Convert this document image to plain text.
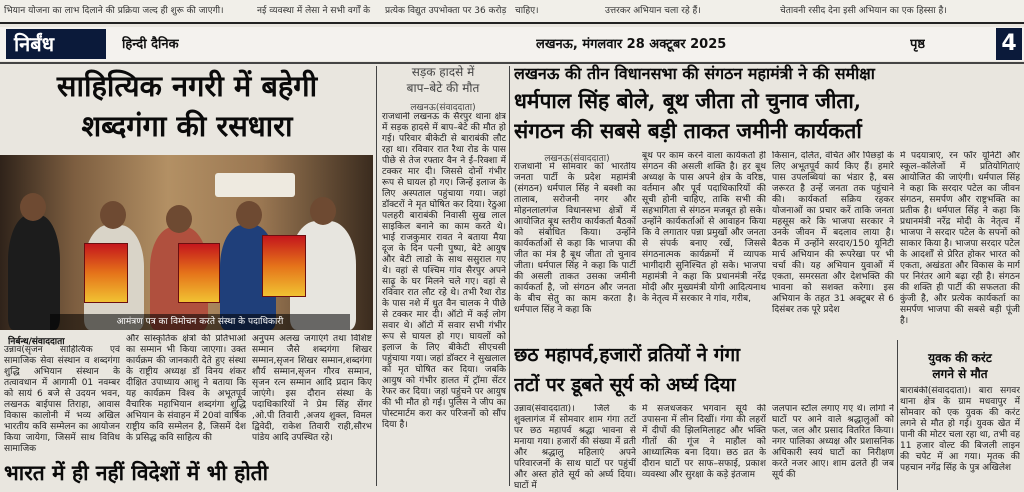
भियान योजना का लाभ दिलाने की प्रक्रिया जल्द ही शुरू की जाएगी।	नई व्यवस्था में लेसा ने सभी वर्गों के प्रत्येक विद्युत उपभोक्ता पर 36 करोड़ चाहिए।	उत्तरकर अभियान चला रहे हैं।	चेतावनी रसीद देना इसी अभियान का एक हिस्सा है।
निर्बंध	हिन्दी दैनिक	लखनऊ, मंगलवार 28 अक्टूबर 2025	पृष्ठ	4
साहित्यिक नगरी में बहेगी
शब्दगंगा की रसधारा
आमंत्रण पत्र का विमोचन करते संस्था के पदाधिकारी
निर्बन्ध/संवाददाता
उन्नाव(सृजन साहित्यिक एवं सामाजिक सेवा संस्थान व शब्दगंगा शुद्धि अभियान संस्थान के तत्वावधान में आगामी 01 नवम्बर को सायं 6 बजे से उदयन भवन, लखनऊ बाईपास तिराहा, आवास विकास कालोनी में भव्य अखिल भारतीय कवि सम्मेलन का आयोजन किया जायेगा, जिसमें साथ विविध सामाजिक
और सांस्कृतिक क्षेत्रों की प्रतिभाओं का सम्मान भी किया जाएगा। उक्त कार्यक्रम की जानकारी देते हुए संस्था के राष्ट्रीय अध्यक्ष डॉ विनय शंकर दीक्षित उपाध्याय आशु ने बताया कि यह कार्यक्रम विश्व के अभूतपूर्व वैचारिक महाभियान शब्दगंगा शुद्धि अभियान के संवाहन में 20वां वार्षिक राष्ट्रीय कवि सम्मेलन है, जिसमें देश के प्रसिद्ध कवि साहित्य की
अनुपम अलख जगाएंगे तथा विशिष्ट सम्मान जैसे शब्दगंगा शिखर सम्मान,सृजन शिखर सम्मान,शब्दगंगा शौर्य सम्मान,सृजन गौरव सम्मान, सृजन रत्न सम्मान आदि प्रदान किए जाएंगे। इस दौरान संस्था के पदाधिकारियों ने प्रेम सिंह सेंगर ,ओ.पी तिवारी ,अजय शुक्ल, विमल द्विवेदी, राकेश तिवारी राही,सौरभ पांडेय आदि उपस्थित रहे।
भारत में ही नहीं विदेशों में भी होती
सड़क हादसे में
बाप–बेटे की मौत
लखनऊ(संवाददाता)
राजधानी लखनऊ के सैरपुर थाना क्षेत्र में सड़क हादसे में बाप–बेटे की मौत हो गई। परिवार बीकेटी से बाराबंकी लौट रहा था। रविवार रात रैथा रोड के पास पीछे से तेज रफ्तार वैन ने ई–रिक्शा में टक्कर मार दी। जिससे दोनों गंभीर रूप से घायल हो गए। जिन्हें इलाज के लिए अस्पताल पहुंचाया गया। जहां डॉक्टरों ने मृत घोषित कर दिया। रेठुआ पलहरी बाराबंकी निवासी सुख लाल साइकिल बनाने का काम करते थे। भाई राजकुमार रावत ने बताया मैया दूज के दिन पत्नी पुष्पा, बेटे आयुष और बेटी लाडो के साथ ससुराल गए थे। वहां से पश्चिम गांव सैरपुर अपने साढ़ू के घर मिलने चले गए। वहां से रविवार रात लौट रहे थे। तभी रैथा रोड के पास नशे में धुत वैन चालक ने पीछे से टक्कर मार दी। ऑटो में कई लोग सवार थे। ऑटो में सवार सभी गंभीर रूप से घायल हो गए। घायलों को इलाज के लिए बीकेटी सीएचसी पहुंचाया गया। जहां डॉक्टर ने सुखलाल को मृत घोषित कर दिया। जबकि आयुष को गंभीर हालत में ट्रॉमा सेंटर रेफर कर दिया। जहां पहुंचने पर आयुष की भी मौत हो गई। पुलिस ने जीप का पोस्टमार्टम करा कर परिजनों को सौंप दिया है।
लखनऊ की तीन विधानसभा की संगठन महामंत्री ने की समीक्षा
धर्मपाल सिंह बोले, बूथ जीता तो चुनाव जीता,
संगठन की सबसे बड़ी ताकत जमीनी कार्यकर्ता
लखनऊ(संवाददाता)
राजधानी में सोमवार को भारतीय जनता पार्टी के प्रदेश महामंत्री (संगठन) धर्मपाल सिंह ने बक्शी का तालाब, सरोजनी नगर और मोहनलालगंज विधानसभा क्षेत्रों में आयोजित बूथ स्तरीय कार्यकर्ता बैठकों को संबोधित किया। उन्होंने कार्यकर्ताओं से कहा कि भाजपा की जीत का मंत्र है बूथ जीता तो चुनाव जीता। धर्मपाल सिंह ने कहा कि पार्टी की असली ताकत उसका जमीनी कार्यकर्ता है, जो संगठन और जनता के बीच सेतु का काम करता है। धर्मपाल सिंह ने कहा कि
बूथ पर काम करने वाला कार्यकर्ता ही संगठन की असली शक्ति है। हर बूथ अध्यक्ष के पास अपने क्षेत्र के वरिष्ठ, वर्तमान और पूर्व पदाधिकारियों की सूची होनी चाहिए, ताकि सभी की सहभागिता से संगठन मजबूत हो सके। उन्होंने कार्यकर्ताओं से आवाहन किया कि वे लगातार पन्ना प्रमुखों और जनता से संपर्क बनाए रखें, जिससे संगठनात्मक कार्यक्रमों में व्यापक भागीदारी सुनिश्चित हो सके। भाजपा महामंत्री ने कहा कि प्रधानमंत्री नरेंद्र मोदी और मुख्यमंत्री योगी आदित्यनाथ के नेतृत्व में सरकार ने गांव, गरीब,
किसान, दलित, वंचित और पिछड़ों के लिए अभूतपूर्व कार्य किए हैं। हमारे पास उपलब्धियां का भंडार है, बस जरूरत है उन्हें जनता तक पहुंचाने की। कार्यकर्ता सक्रिय रहकर योजनाओं का प्रचार करें ताकि जनता महसूस करे कि भाजपा सरकार ने उनके जीवन में बदलाव लाया है। बैठक में उन्होंने सरदार/150 यूनिटी मार्च अभियान की रूपरेखा पर भी चर्चा की। यह अभियान युवाओं में एकता, समरसता और देशभक्ति की भावना को सशक्त करेगा। इस अभियान के तहत 31 अक्टूबर से 6 दिसंबर तक पूरे प्रदेश
में पदयात्राएं, रन फॉर यूनिटी और स्कूल–कॉलेजों में प्रतियोगिताएं आयोजित की जाएंगी। धर्मपाल सिंह ने कहा कि सरदार पटेल का जीवन संगठन, समर्पण और राष्ट्रभक्ति का प्रतीक है। धर्मपाल सिंह ने कहा कि प्रधानमंत्री नरेंद्र मोदी के नेतृत्व में भाजपा ने सरदार पटेल के सपनों को साकार किया है। भाजपा सरदार पटेल के आदर्शों से प्रेरित होकर भारत को एकता, अखंडता और विकास के मार्ग पर निरंतर आगे बढ़ा रही है। संगठन की शक्ति ही पार्टी की सफलता की कुंजी है, और प्रत्येक कार्यकर्ता का समर्पण भाजपा की सबसे बड़ी पूंजी है।
छठ महापर्व,हजारों व्रतियों ने गंगा
तटों पर डूबते सूर्य को अर्घ्य दिया
उन्नाव(संवाददाता)। जिले के शुक्लागंज में सोमवार शाम गंगा तटों पर छठ महापर्व श्रद्धा भावना से मनाया गया। हजारों की संख्या में व्रती और श्रद्धालु महिलाएं अपने परिवारजनों के साथ घाटों पर पहुंचीं और अस्त होते सूर्य को अर्घ्य दिया। घाटों में
में सजधजकर भगवान सूर्य की उपासना में लीन दिखीं। गंगा की लहरों में दीपों की झिलमिलाहट और भक्ति गीतों की गूंज ने माहौल को आध्यात्मिक बना दिया। छठ व्रत के दौरान घाटों पर साफ–सफाई, प्रकाश व्यवस्था और सुरक्षा के कड़े इंतजाम
जलपान स्टॉल लगाए गए थे। लोगों ने घाटों पर आने वाले श्रद्धालुओं को फल, जल और प्रसाद वितरित किया। नगर पालिका अध्यक्ष और प्रशासनिक अधिकारी स्वयं घाटों का निरीक्षण करते नजर आए। शाम ढलते ही जब सूर्य की
युवक की करंट
लगने से मौत
बाराबंकी(संवाददाता)। बारा सगवर थाना क्षेत्र के ग्राम मधवापुर में सोमवार को एक युवक की करंट लगने से मौत हो गई। युवक खेत में पानी की मोटर चला रहा था, तभी वह 11 हजार वोल्ट की बिजली लाइन की चपेट में आ गया। मृतक की पहचान नगेंद्र सिंह के पुत्र अखिलेश
